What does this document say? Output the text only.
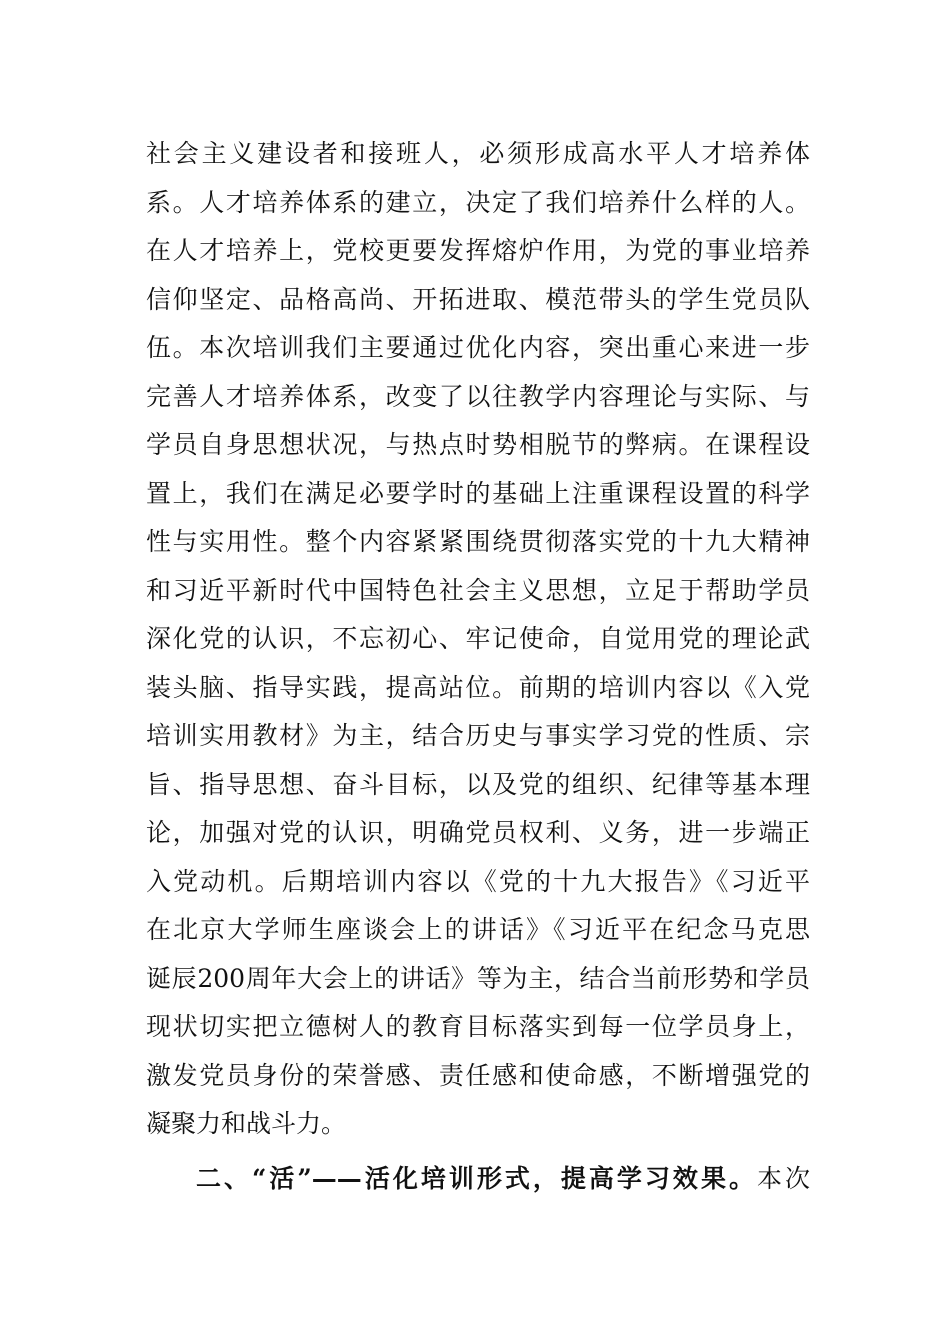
社会主义建设者和接班人，必须形成高水平人才培养体
系。人才培养体系的建立，决定了我们培养什么样的人。
在人才培养上，党校更要发挥熔炉作用，为党的事业培养
信仰坚定、品格高尚、开拓进取、模范带头的学生党员队
伍。本次培训我们主要通过优化内容，突出重心来进一步
完善人才培养体系，改变了以往教学内容理论与实际、与
学员自身思想状况，与热点时势相脱节的弊病。在课程设
置上，我们在满足必要学时的基础上注重课程设置的科学
性与实用性。整个内容紧紧围绕贯彻落实党的十九大精神
和习近平新时代中国特色社会主义思想，立足于帮助学员
深化党的认识，不忘初心、牢记使命，自觉用党的理论武
装头脑、指导实践，提高站位。前期的培训内容以《入党
培训实用教材》为主，结合历史与事实学习党的性质、宗
旨、指导思想、奋斗目标，以及党的组织、纪律等基本理
论，加强对党的认识，明确党员权利、义务，进一步端正
入党动机。后期培训内容以《党的十九大报告》《习近平
在北京大学师生座谈会上的讲话》《习近平在纪念马克思
诞辰200周年大会上的讲话》等为主，结合当前形势和学员
现状切实把立德树人的教育目标落实到每一位学员身上，
激发党员身份的荣誉感、责任感和使命感，不断增强党的
凝聚力和战斗力。
二、“活”——活化培训形式，提高学习效果。本次
